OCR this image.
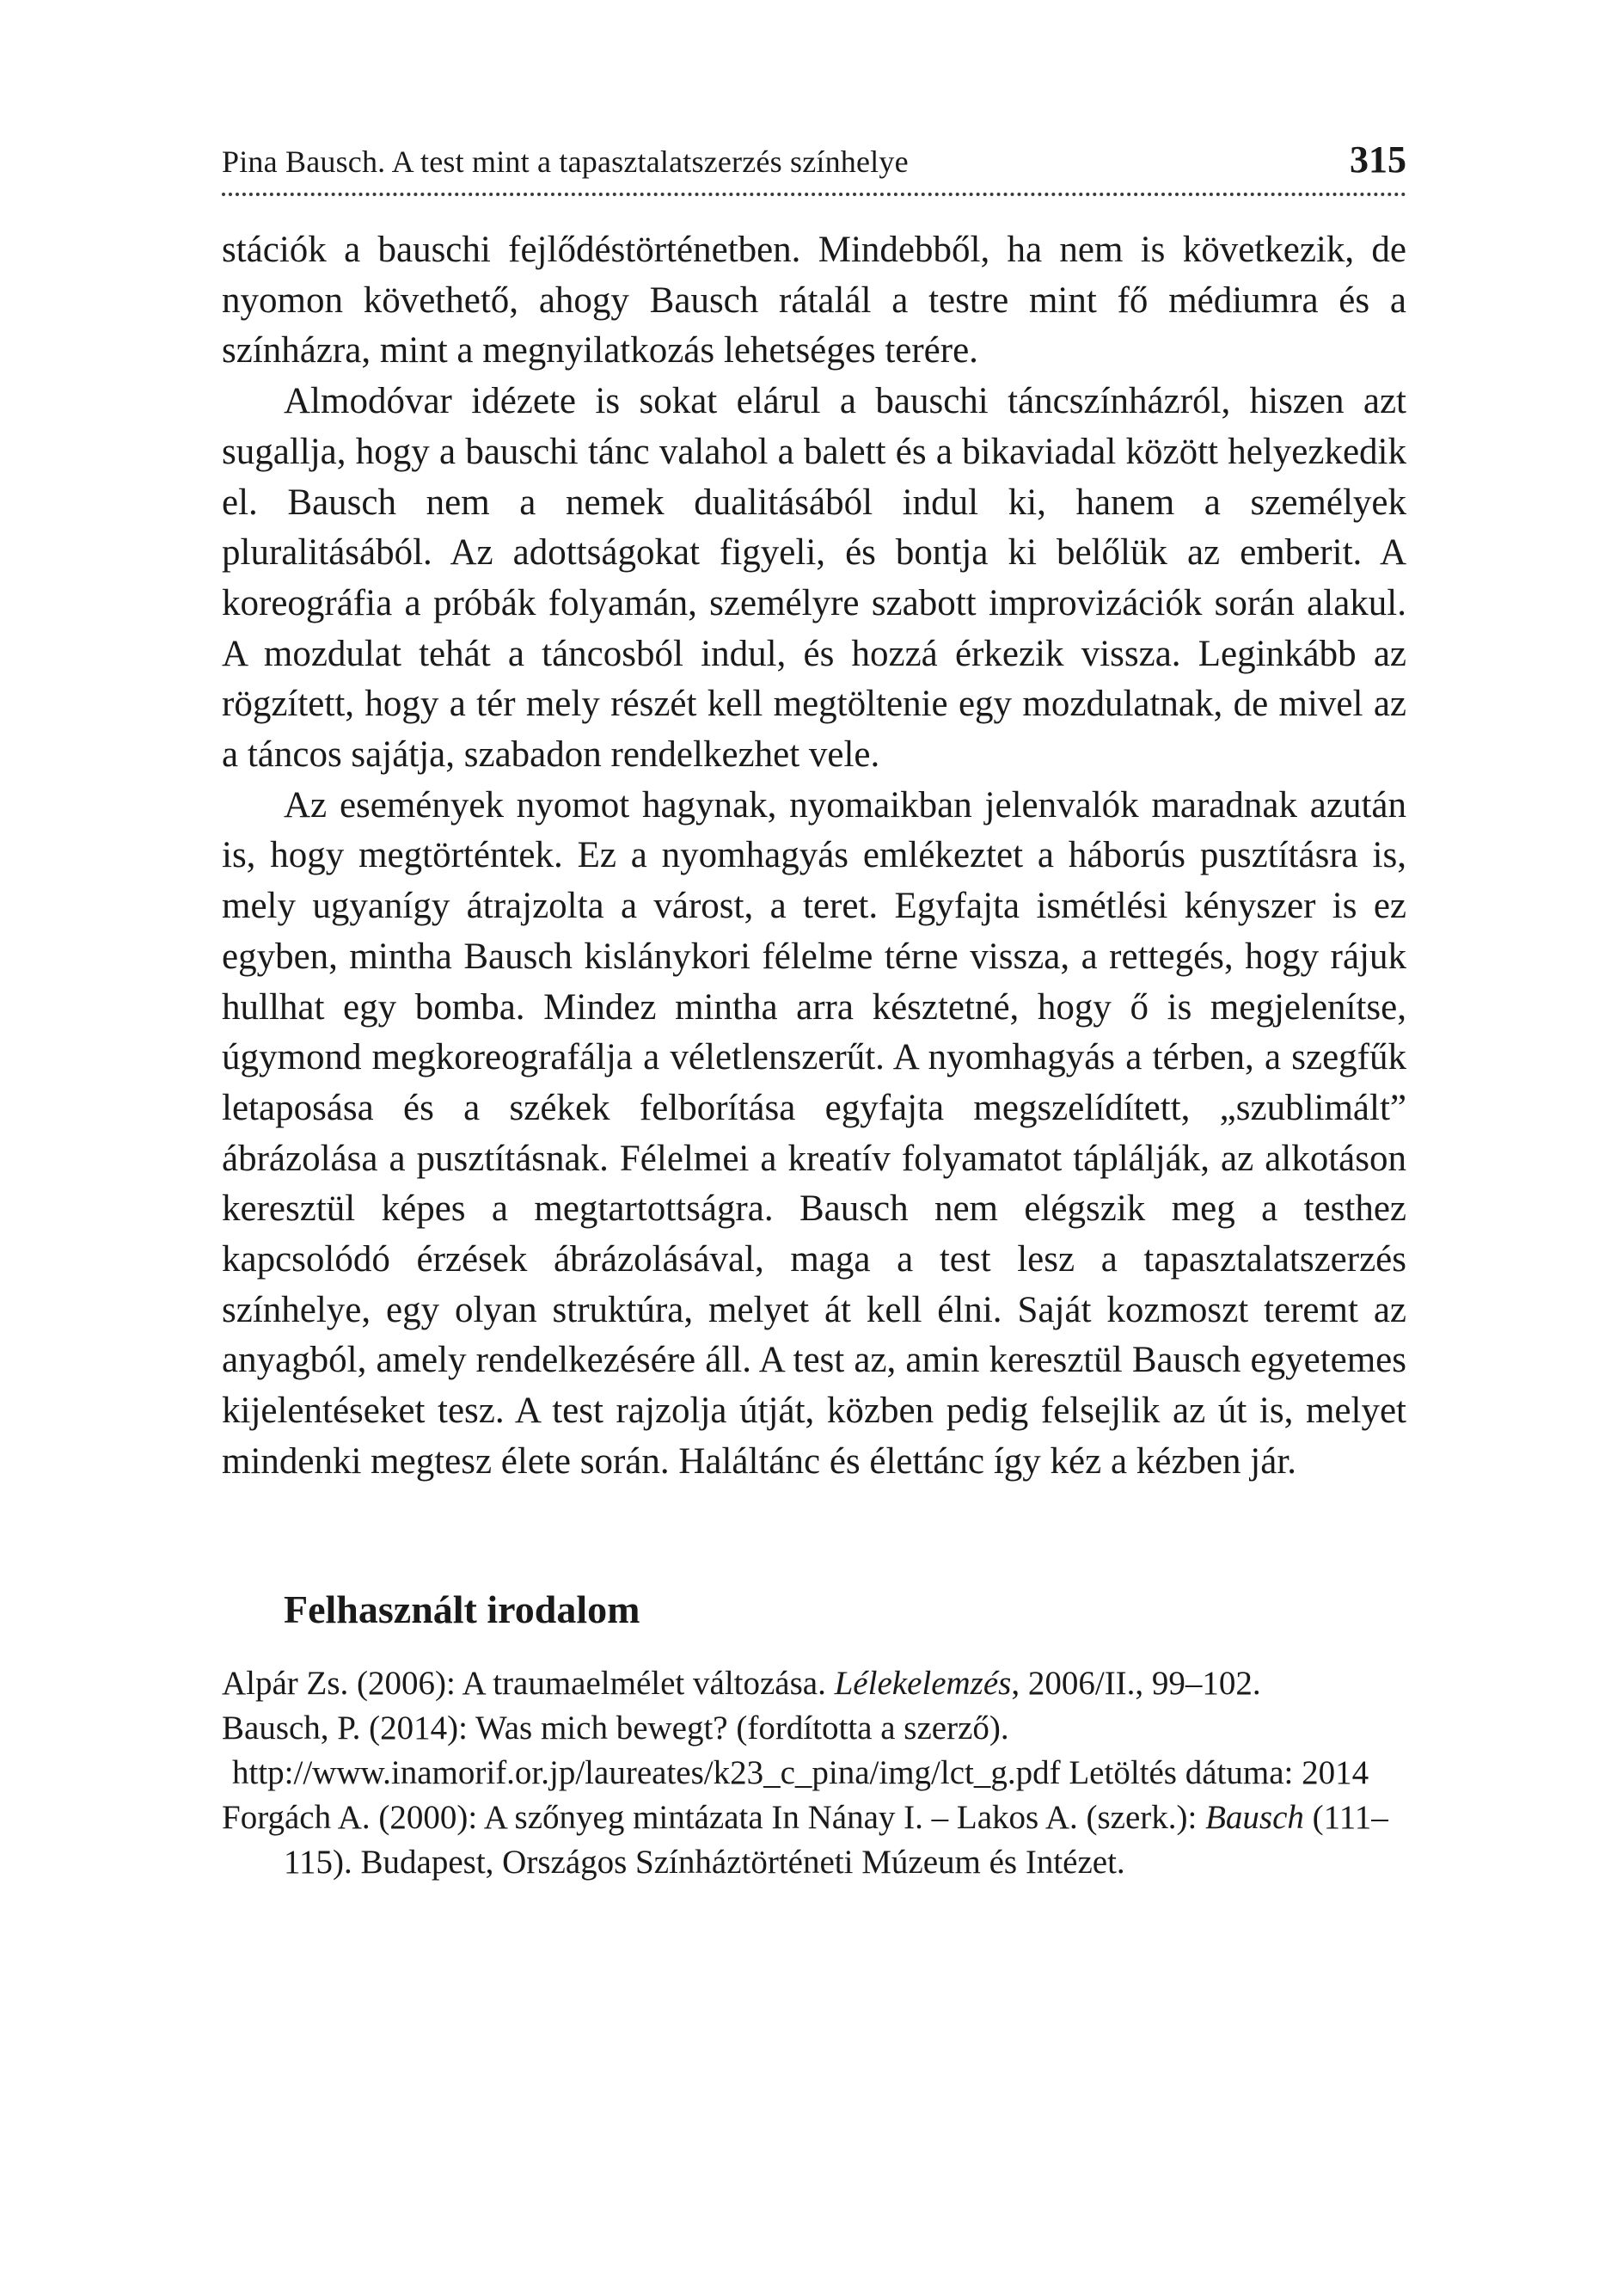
Pina Bausch. A test mint a tapasztalatszerzés színhelye	315

stációk a bauschi fejlődéstörténetben. Mindebből, ha nem is következik, de nyomon követhető, ahogy Bausch rátalál a testre mint fő médiumra és a színházra, mint a megnyilatkozás lehetséges terére.

Almodóvar idézete is sokat elárul a bauschi táncszínházról, hiszen azt sugallja, hogy a bauschi tánc valahol a balett és a bikaviadal között helyezkedik el. Bausch nem a nemek dualitásából indul ki, hanem a személyek pluralitásából. Az adottságokat figyeli, és bontja ki belőlük az emberit. A koreográfia a próbák folyamán, személyre szabott improvizációk során alakul. A mozdulat tehát a táncosból indul, és hozzá érkezik vissza. Leginkább az rögzített, hogy a tér mely részét kell megtöltenie egy mozdulatnak, de mivel az a táncos sajátja, szabadon rendelkezhet vele.

Az események nyomot hagynak, nyomaikban jelenvalók maradnak azután is, hogy megtörténtek. Ez a nyomhagyás emlékeztet a háborús pusztításra is, mely ugyanígy átrajzolta a várost, a teret. Egyfajta ismétlési kényszer is ez egyben, mintha Bausch kislánykori félelme térne vissza, a rettegés, hogy rájuk hullhat egy bomba. Mindez mintha arra késztetné, hogy ő is megjelenítse, úgymond megkoreografálja a véletlenszerűt. A nyomhagyás a térben, a szegfűk letaposása és a székek felborítása egyfajta megszelídített, „szublimált” ábrázolása a pusztításnak. Félelmei a kreatív folyamatot táplálják, az alkotáson keresztül képes a megtartottságra. Bausch nem elégszik meg a testhez kapcsolódó érzések ábrázolásával, maga a test lesz a tapasztalatszerzés színhelye, egy olyan struktúra, melyet át kell élni. Saját kozmoszt teremt az anyagból, amely rendelkezésére áll. A test az, amin keresztül Bausch egyetemes kijelentéseket tesz. A test rajzolja útját, közben pedig felsejlik az út is, melyet mindenki megtesz élete során. Haláltánc és élettánc így kéz a kézben jár.

Felhasznált irodalom

Alpár Zs. (2006): A traumaelmélet változása. Lélekelemzés, 2006/II., 99–102.

Bausch, P. (2014): Was mich bewegt? (fordította a szerző).

http://www.inamorif.or.jp/laureates/k23_c_pina/img/lct_g.pdf Letöltés dátuma: 2014

Forgách A. (2000): A szőnyeg mintázata In Nánay I. – Lakos A. (szerk.): Bausch (111–115). Budapest, Országos Színháztörténeti Múzeum és Intézet.
